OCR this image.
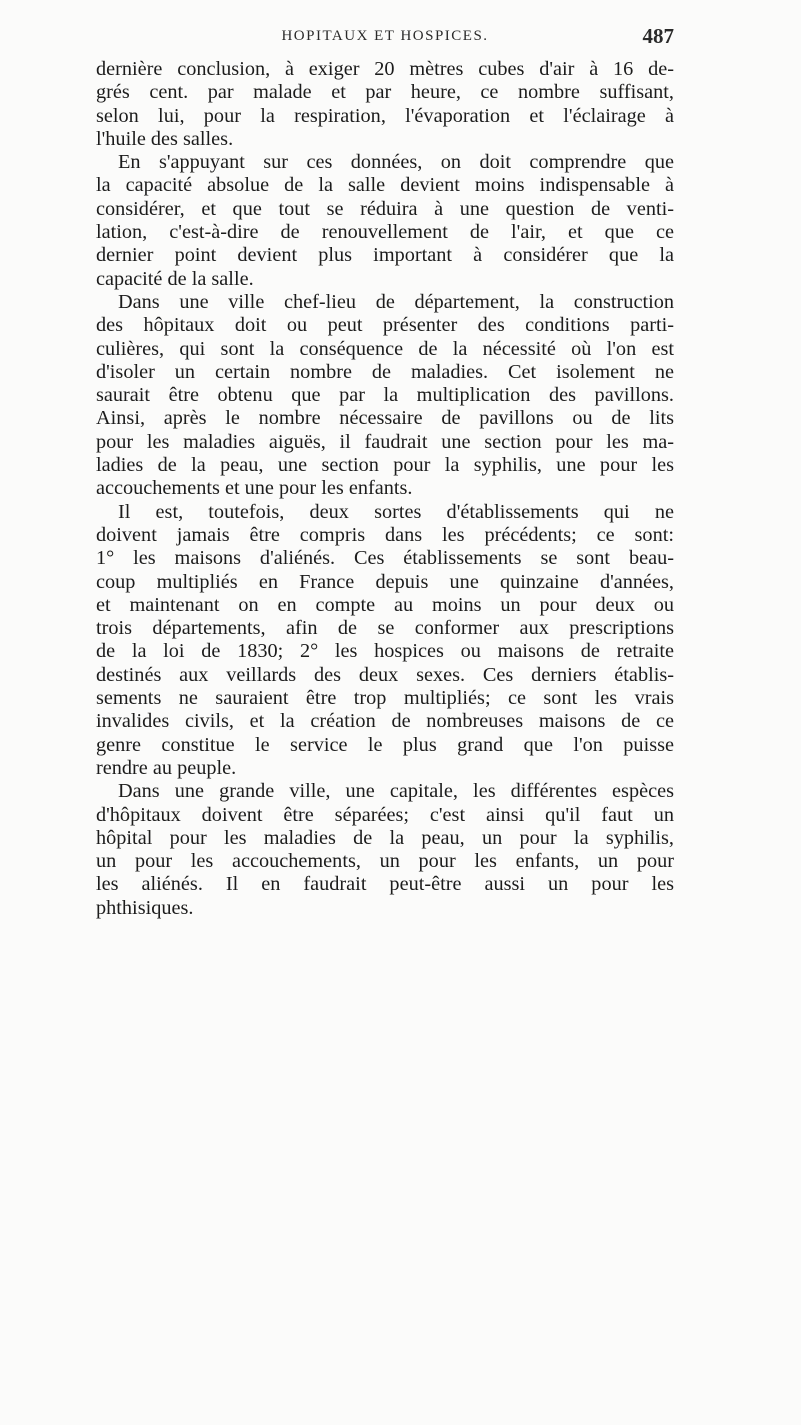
HOPITAUX ET HOSPICES.	487
dernière conclusion, à exiger 20 mètres cubes d'air à 16 de-
grés cent. par malade et par heure, ce nombre suffisant,
selon lui, pour la respiration, l'évaporation et l'éclairage à
l'huile des salles.
En s'appuyant sur ces données, on doit comprendre que
la capacité absolue de la salle devient moins indispensable à
considérer, et que tout se réduira à une question de venti-
lation, c'est-à-dire de renouvellement de l'air, et que ce
dernier point devient plus important à considérer que la
capacité de la salle.
Dans une ville chef-lieu de département, la construction
des hôpitaux doit ou peut présenter des conditions parti-
culières, qui sont la conséquence de la nécessité où l'on est
d'isoler un certain nombre de maladies. Cet isolement ne
saurait être obtenu que par la multiplication des pavillons.
Ainsi, après le nombre nécessaire de pavillons ou de lits
pour les maladies aiguës, il faudrait une section pour les ma-
ladies de la peau, une section pour la syphilis, une pour les
accouchements et une pour les enfants.
Il est, toutefois, deux sortes d'établissements qui ne
doivent jamais être compris dans les précédents; ce sont:
1° les maisons d'aliénés. Ces établissements se sont beau-
coup multipliés en France depuis une quinzaine d'années,
et maintenant on en compte au moins un pour deux ou
trois départements, afin de se conformer aux prescriptions
de la loi de 1830; 2° les hospices ou maisons de retraite
destinés aux veillards des deux sexes. Ces derniers établis-
sements ne sauraient être trop multipliés; ce sont les vrais
invalides civils, et la création de nombreuses maisons de ce
genre constitue le service le plus grand que l'on puisse
rendre au peuple.
Dans une grande ville, une capitale, les différentes espèces
d'hôpitaux doivent être séparées; c'est ainsi qu'il faut un
hôpital pour les maladies de la peau, un pour la syphilis,
un pour les accouchements, un pour les enfants, un pour
les aliénés. Il en faudrait peut-être aussi un pour les
phthisiques.
